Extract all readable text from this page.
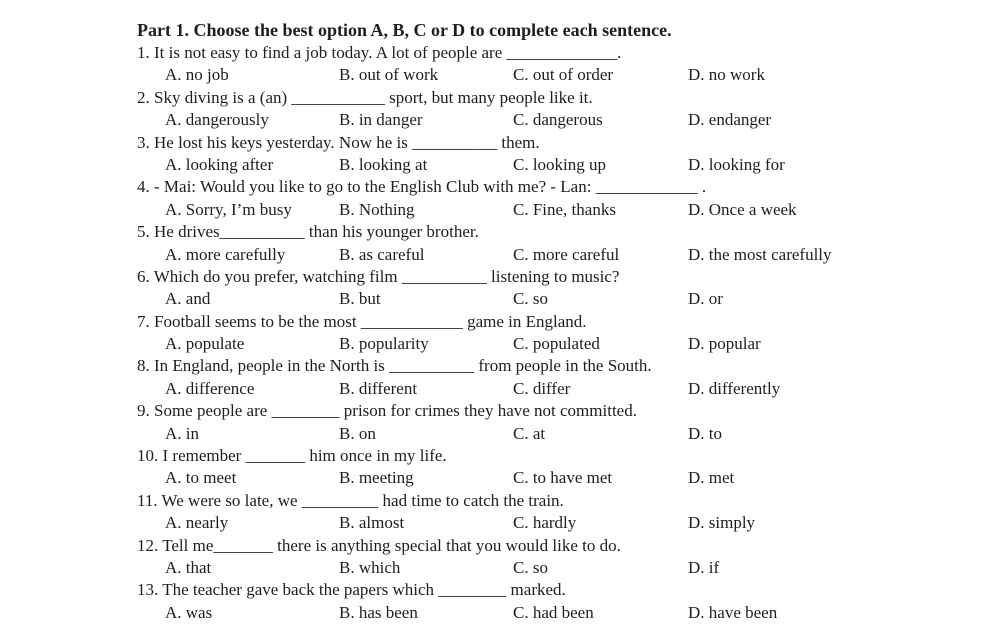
Part 1. Choose the best option A, B, C or D to complete each sentence.
1. It is not easy to find a job today. A lot of people are _____________.
A. no job	B. out of work	C. out of order	D. no work
2. Sky diving is a (an) ___________ sport, but many people like it.
A. dangerously	B. in danger	C. dangerous	D. endanger
3. He lost his keys yesterday. Now he is __________ them.
A. looking after	B. looking at	C. looking up	D. looking for
4. - Mai: Would you like to go to the English Club with me? - Lan: ____________ .
A. Sorry, I’m busy	B. Nothing	C. Fine, thanks	D. Once a week
5. He drives__________ than his younger brother.
A. more carefully	B. as careful	C. more careful	D. the most carefully
6. Which do you prefer, watching film __________ listening to music?
A. and	B. but	C. so	D. or
7. Football seems to be the most ____________ game in England.
A. populate	B. popularity	C. populated	D. popular
8. In England, people in the North is __________ from people in the South.
A. difference	B. different	C. differ	D. differently
9. Some people are ________ prison for crimes they have not committed.
A. in	B. on	C. at	D. to
10. I remember _______ him once in my life.
A. to meet	B. meeting	C. to have met	D. met
11. We were so late, we _________ had time to catch the train.
A. nearly	B. almost	C. hardly	D. simply
12. Tell me_______ there is anything special that you would like to do.
A. that	B. which	C. so	D. if
13. The teacher gave back the papers which ________ marked.
A. was	B. has been	C. had been	D. have been
